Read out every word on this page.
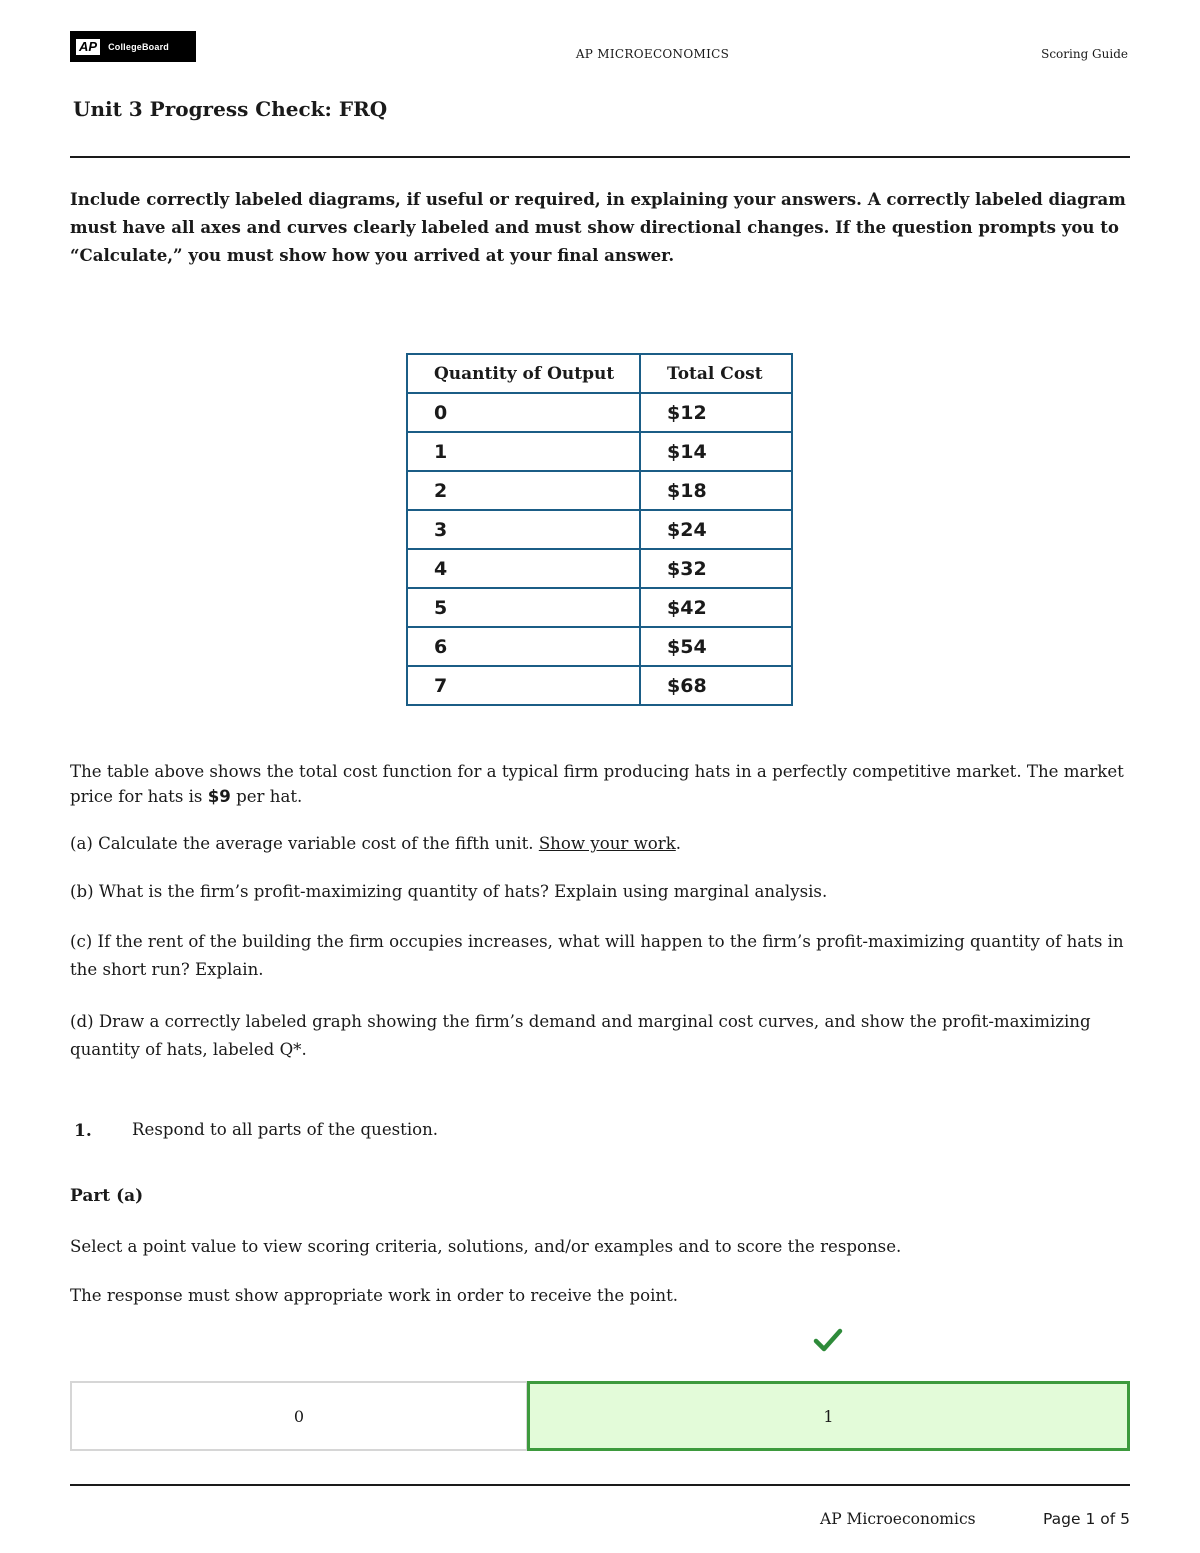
AP	CollegeBoard
AP MICROECONOMICS	Scoring Guide
Unit 3 Progress Check: FRQ
Include correctly labeled diagrams, if useful or required, in explaining your answers. A correctly labeled diagram must have all axes and curves clearly labeled and must show directional changes. If the question prompts you to “Calculate,” you must show how you arrived at your final answer.
Quantity of Output	Total Cost
0	$12
1	$14
2	$18
3	$24
4	$32
5	$42
6	$54
7	$68
The table above shows the total cost function for a typical firm producing hats in a perfectly competitive market. The market price for hats is $9 per hat.
(a) Calculate the average variable cost of the fifth unit. Show your work.
(b) What is the firm’s profit-maximizing quantity of hats? Explain using marginal analysis.
(c) If the rent of the building the firm occupies increases, what will happen to the firm’s profit-maximizing quantity of hats in the short run? Explain.
(d) Draw a correctly labeled graph showing the firm’s demand and marginal cost curves, and show the profit-maximizing quantity of hats, labeled Q*.
1. Respond to all parts of the question.
Part (a)
Select a point value to view scoring criteria, solutions, and/or examples and to score the response.
The response must show appropriate work in order to receive the point.
0	1
AP Microeconomics	Page 1 of 5
